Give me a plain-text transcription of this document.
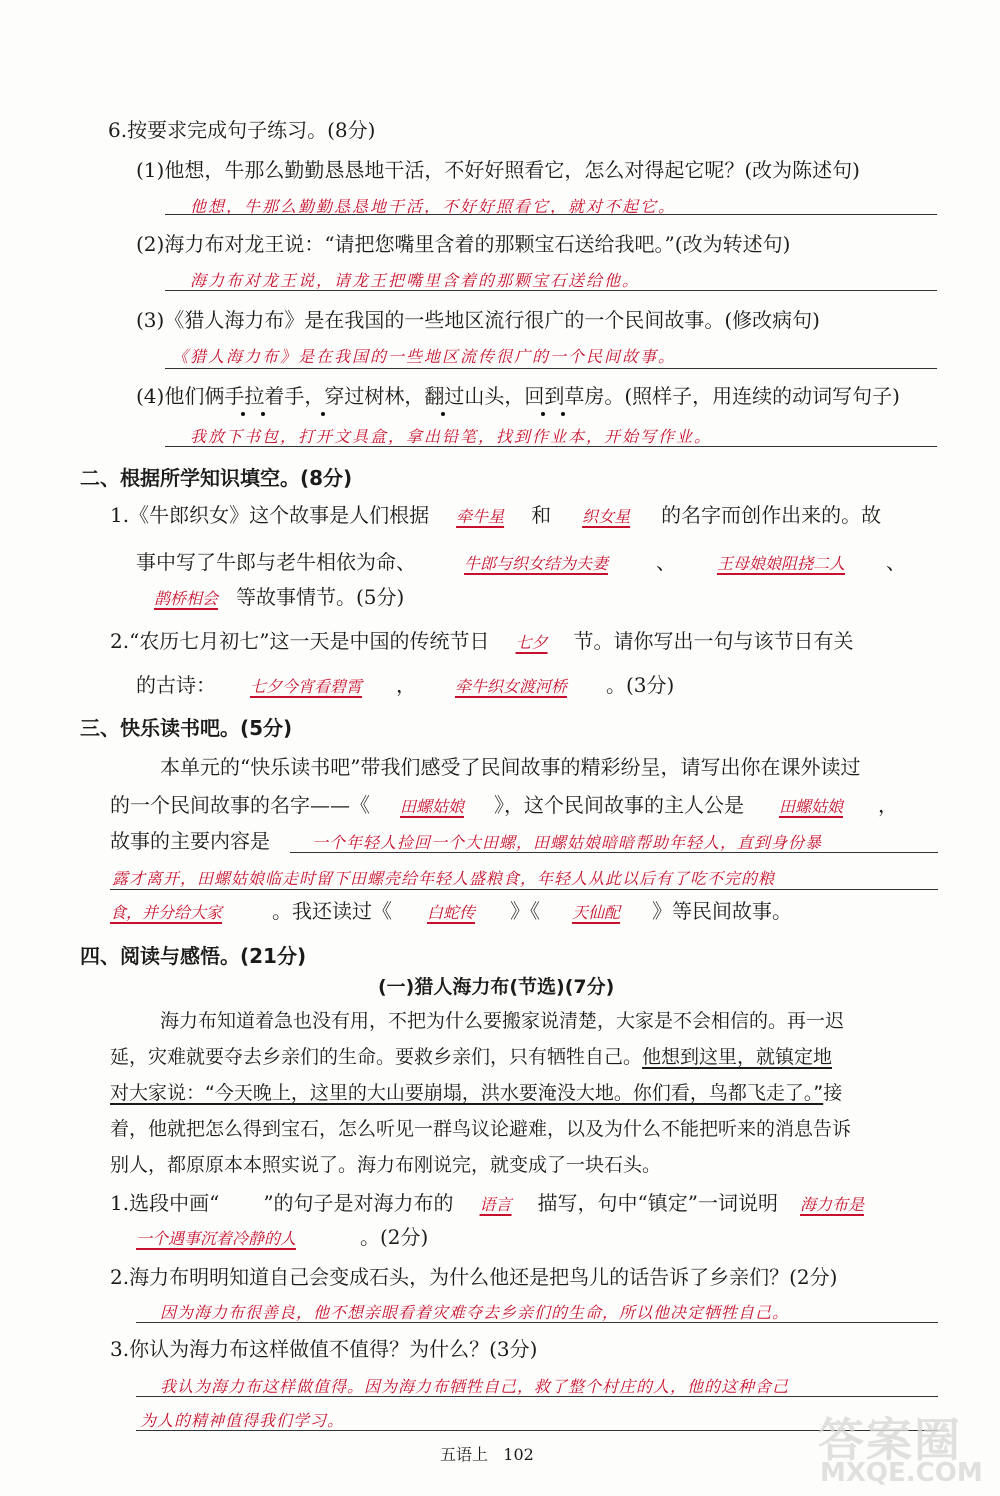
6.按要求完成句子练习。(8分)
(1)他想，牛那么勤勤恳恳地干活，不好好照看它，怎么对得起它呢？(改为陈述句)
他想，牛那么勤勤恳恳地干活，不好好照看它，就对不起它。
(2)海力布对龙王说：“请把您嘴里含着的那颗宝石送给我吧。”(改为转述句)
海力布对龙王说，请龙王把嘴里含着的那颗宝石送给他。
(3)《猎人海力布》是在我国的一些地区流行很广的一个民间故事。(修改病句)
《猎人海力布》是在我国的一些地区流传很广的一个民间故事。
(4)他们俩手拉着手，穿过树林，翻过山头，回到草房。(照样子，用连续的动词写句子)
我放下书包，打开文具盒，拿出铅笔，找到作业本，开始写作业。
二、根据所学知识填空。(8分)
1.《牛郎织女》这个故事是人们根据 牵牛星 和 织女星 的名字而创作出来的。故
事中写了牛郎与老牛相依为命、	牛郎与织女结为夫妻 、	王母娘娘阻挠二人 、
鹊桥相会 等故事情节。(5分)
2.“农历七月初七”这一天是中国的传统节日 七夕 节。请你写出一句与该节日有关
的古诗： 七夕今宵看碧霄 ， 牵牛织女渡河桥 。(3分)
三、快乐读书吧。(5分)
本单元的“快乐读书吧”带我们感受了民间故事的精彩纷呈，请写出你在课外读过
的一个民间故事的名字——《 田螺姑娘 》，这个民间故事的主人公是 田螺姑娘 ，
故事的主要内容是	一个年轻人捡回一个大田螺，田螺姑娘暗暗帮助年轻人，直到身份暴
露才离开，田螺姑娘临走时留下田螺壳给年轻人盛粮食，年轻人从此以后有了吃不完的粮
食，并分给大家 。我还读过《 白蛇传 》《 天仙配 》等民间故事。
四、阅读与感悟。(21分)
(一)猎人海力布(节选)(7分)
海力布知道着急也没有用，不把为什么要搬家说清楚，大家是不会相信的。再一迟
延，灾难就要夺去乡亲们的生命。要救乡亲们，只有牺牲自己。他想到这里，就镇定地
对大家说：“今天晚上，这里的大山要崩塌，洪水要淹没大地。你们看，鸟都飞走了。”接
着，他就把怎么得到宝石，怎么听见一群鸟议论避难，以及为什么不能把听来的消息告诉
别人，都原原本本照实说了。海力布刚说完，就变成了一块石头。
1.选段中画“ ”的句子是对海力布的 语言 描写，句中“镇定”一词说明 海力布是
一个遇事沉着冷静的人	。(2分)
2.海力布明明知道自己会变成石头，为什么他还是把鸟儿的话告诉了乡亲们？(2分)
因为海力布很善良，他不想亲眼看着灾难夺去乡亲们的生命，所以他决定牺牲自己。
3.你认为海力布这样做值不值得？为什么？(3分)
我认为海力布这样做值得。因为海力布牺牲自己，救了整个村庄的人，他的这种舍己
为人的精神值得我们学习。
五语上 102	答案圈
MXQE.COM
